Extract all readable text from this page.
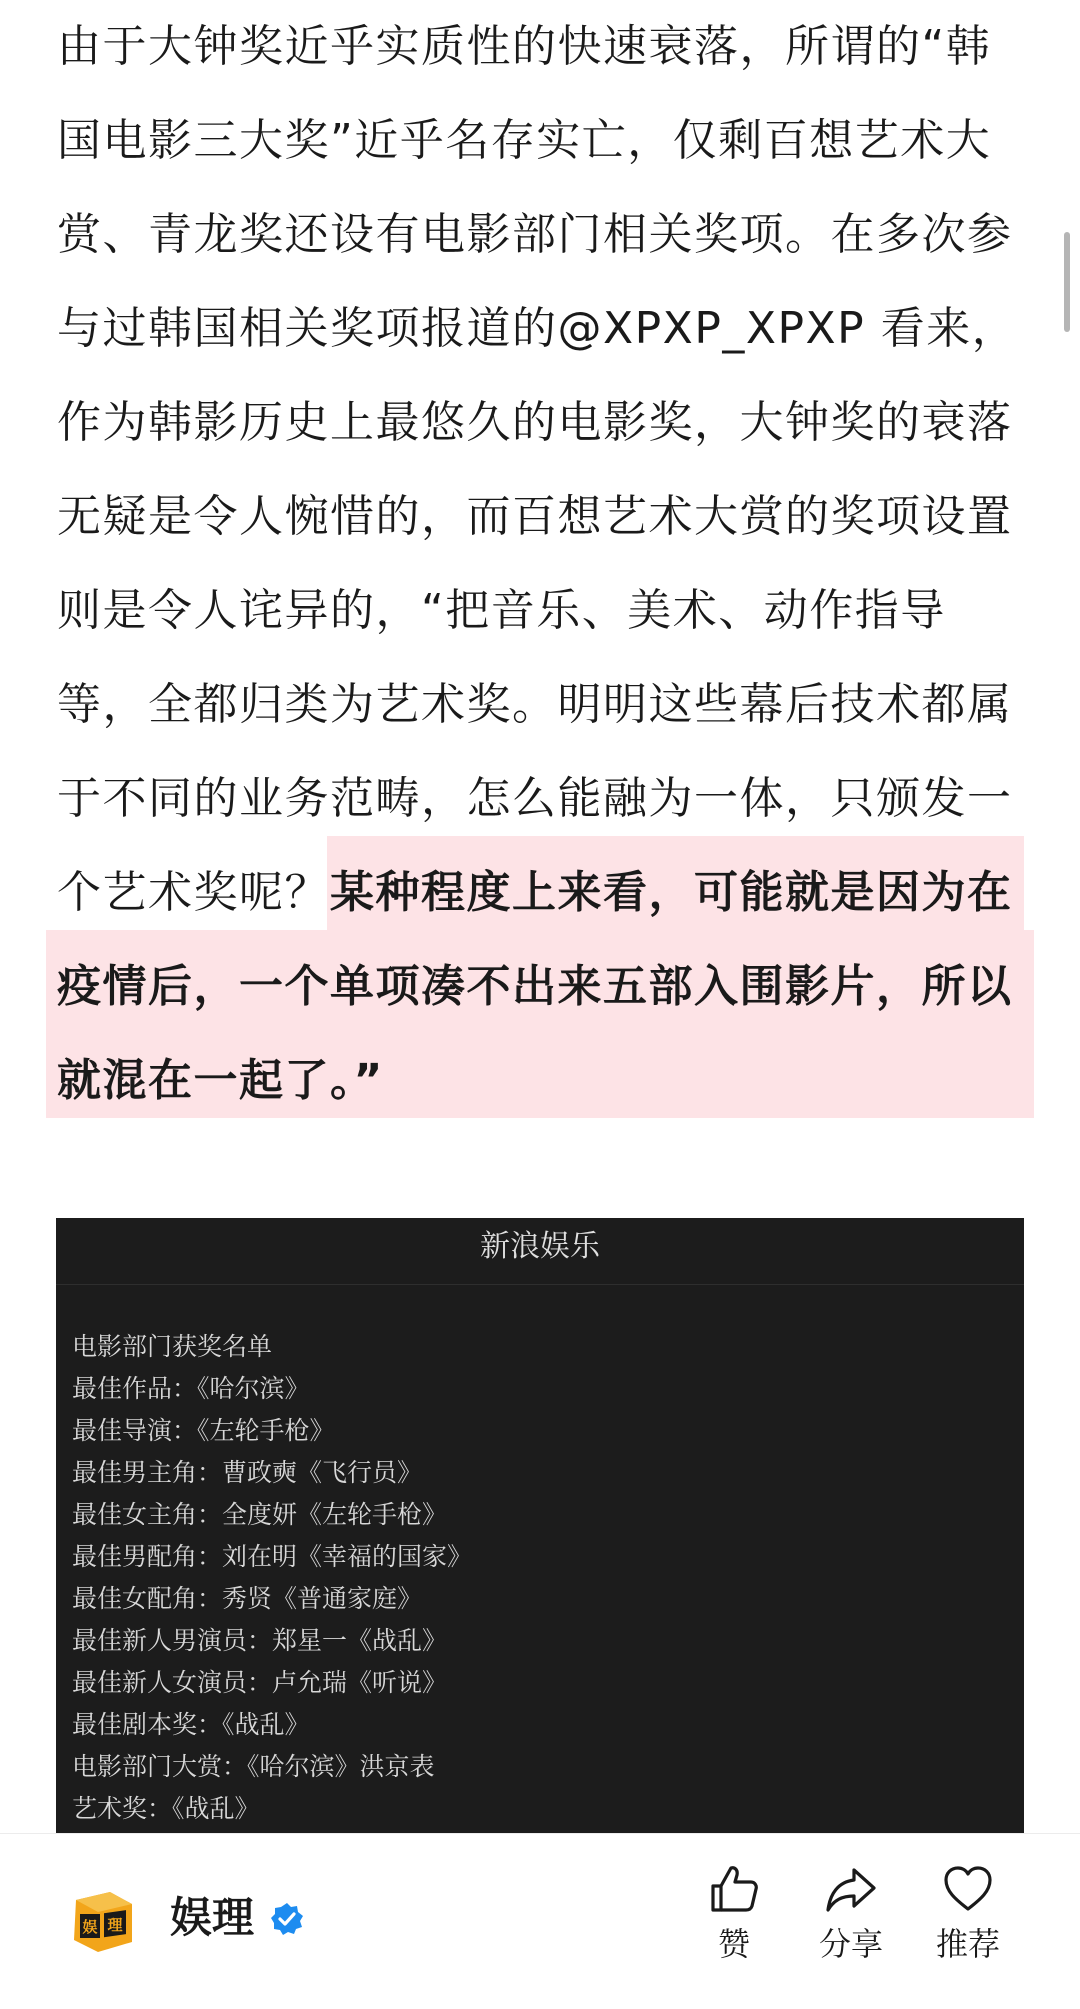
由于大钟奖近乎实质性的快速衰落，所谓的“韩
国电影三大奖”近乎名存实亡，仅剩百想艺术大
赏、青龙奖还设有电影部门相关奖项。在多次参
与过韩国相关奖项报道的@XPXP_XPXP 看来，
作为韩影历史上最悠久的电影奖，大钟奖的衰落
无疑是令人惋惜的，而百想艺术大赏的奖项设置
则是令人诧异的，“把音乐、美术、动作指导
等，全都归类为艺术奖。明明这些幕后技术都属
于不同的业务范畴，怎么能融为一体，只颁发一
个艺术奖呢？某种程度上来看，可能就是因为在
疫情后，一个单项凑不出来五部入围影片，所以
就混在一起了。”
新浪娱乐
电影部门获奖名单
最佳作品：《哈尔滨》
最佳导演：《左轮手枪》
最佳男主角：曹政奭《飞行员》
最佳女主角：全度妍《左轮手枪》
最佳男配角：刘在明《幸福的国家》
最佳女配角：秀贤《普通家庭》
最佳新人男演员：郑星一《战乱》
最佳新人女演员：卢允瑞《听说》
最佳剧本奖：《战乱》
电影部门大赏：《哈尔滨》洪京表
艺术奖：《战乱》
娱 理 娱理
赞	分享	推荐
